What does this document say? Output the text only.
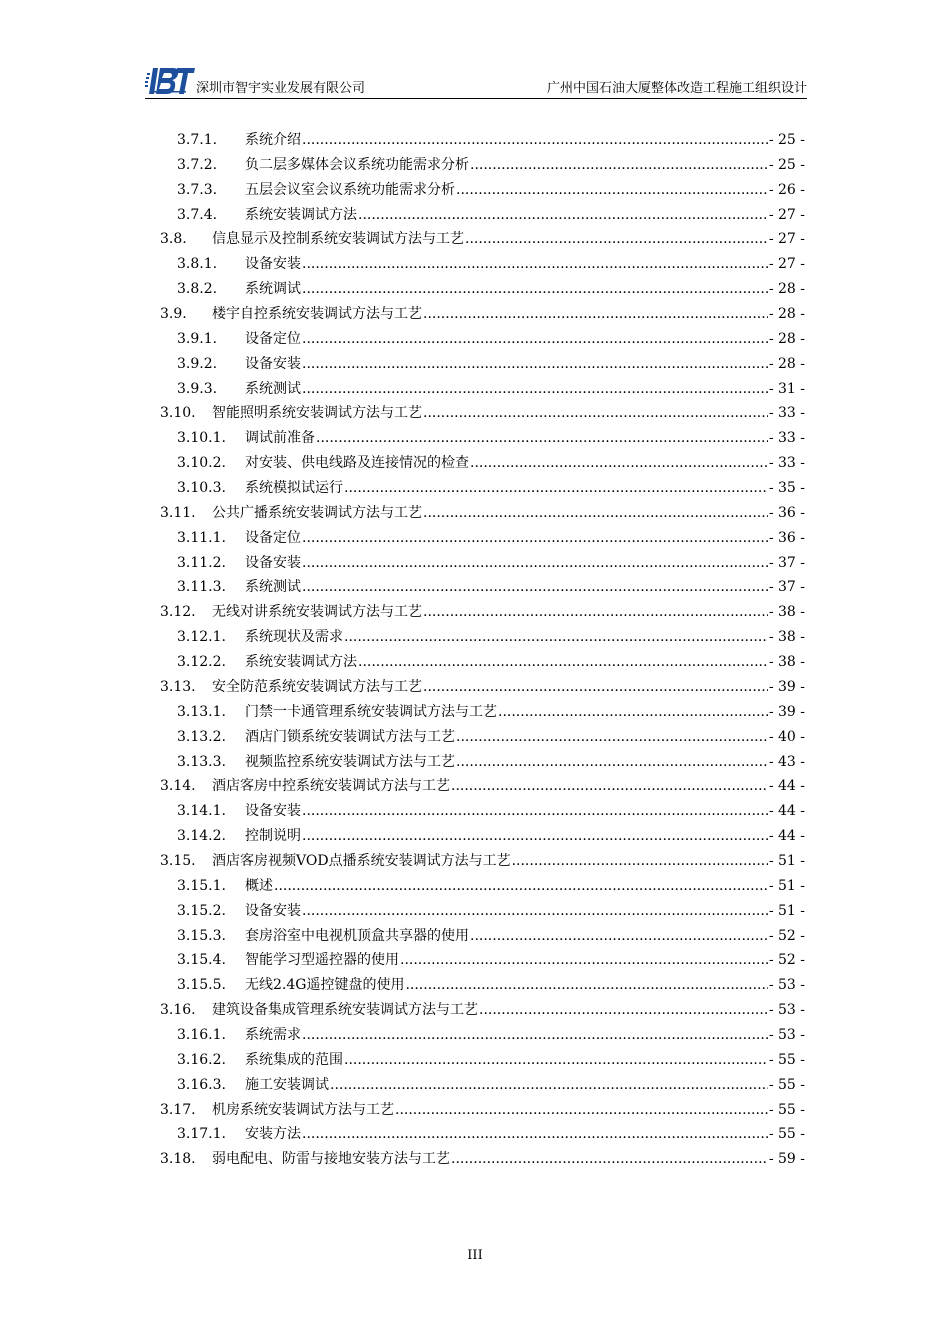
深圳市智宇实业发展有限公司	广州中国石油大厦整体改造工程施工组织设计
3.7.1.	系统介绍 .....	- 25 -
3.7.2.	负二层多媒体会议系统功能需求分析 .....	- 25 -
3.7.3.	五层会议室会议系统功能需求分析 .....	- 26 -
3.7.4.	系统安装调试方法 .....	- 27 -
3.8.	信息显示及控制系统安装调试方法与工艺 .....	- 27 -
3.8.1.	设备安装 .....	- 27 -
3.8.2.	系统调试 .....	- 28 -
3.9.	楼宇自控系统安装调试方法与工艺 .....	- 28 -
3.9.1.	设备定位 .....	- 28 -
3.9.2.	设备安装 .....	- 28 -
3.9.3.	系统测试 .....	- 31 -
3.10.	智能照明系统安装调试方法与工艺 .....	- 33 -
3.10.1.	调试前准备 .....	- 33 -
3.10.2.	对安装、供电线路及连接情况的检查 .....	- 33 -
3.10.3.	系统模拟试运行 .....	- 35 -
3.11.	公共广播系统安装调试方法与工艺 .....	- 36 -
3.11.1.	设备定位 .....	- 36 -
3.11.2.	设备安装 .....	- 37 -
3.11.3.	系统测试 .....	- 37 -
3.12.	无线对讲系统安装调试方法与工艺 .....	- 38 -
3.12.1.	系统现状及需求 .....	- 38 -
3.12.2.	系统安装调试方法 .....	- 38 -
3.13.	安全防范系统安装调试方法与工艺 .....	- 39 -
3.13.1.	门禁一卡通管理系统安装调试方法与工艺 .....	- 39 -
3.13.2.	酒店门锁系统安装调试方法与工艺 .....	- 40 -
3.13.3.	视频监控系统安装调试方法与工艺 .....	- 43 -
3.14.	酒店客房中控系统安装调试方法与工艺 .....	- 44 -
3.14.1.	设备安装 .....	- 44 -
3.14.2.	控制说明 .....	- 44 -
3.15.	酒店客房视频VOD点播系统安装调试方法与工艺 .....	- 51 -
3.15.1.	概述 .....	- 51 -
3.15.2.	设备安装 .....	- 51 -
3.15.3.	套房浴室中电视机顶盒共享器的使用 .....	- 52 -
3.15.4.	智能学习型遥控器的使用 .....	- 52 -
3.15.5.	无线2.4G遥控键盘的使用 .....	- 53 -
3.16.	建筑设备集成管理系统安装调试方法与工艺 .....	- 53 -
3.16.1.	系统需求 .....	- 53 -
3.16.2.	系统集成的范围 .....	- 55 -
3.16.3.	施工安装调试 .....	- 55 -
3.17.	机房系统安装调试方法与工艺 .....	- 55 -
3.17.1.	安装方法 .....	- 55 -
3.18.	弱电配电、防雷与接地安装方法与工艺 .....	- 59 -
III
